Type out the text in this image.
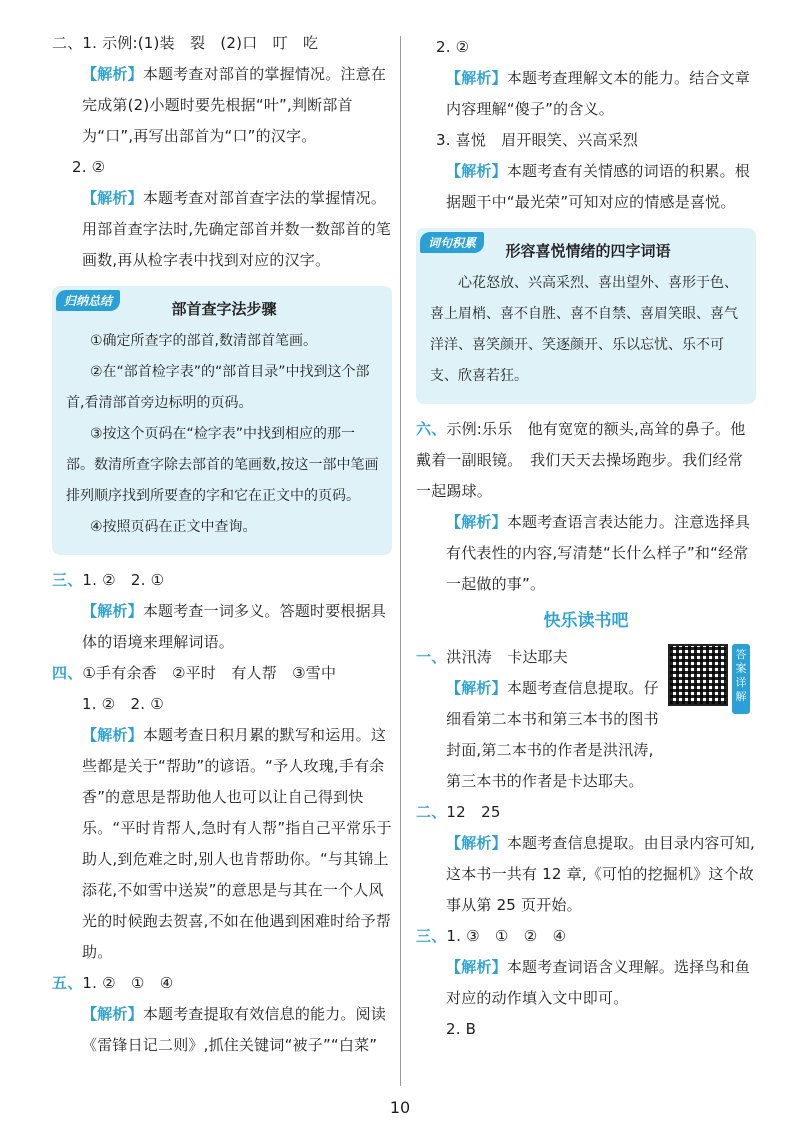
二、1. 示例:(1)装　裂　(2)口　叮　吃

【解析】本题考查对部首的掌握情况。注意在完成第(2)小题时要先根据“叶”,判断部首为“口”,再写出部首为“口”的汉字。

2. ②

【解析】本题考查对部首查字法的掌握情况。用部首查字法时,先确定部首并数一数部首的笔画数,再从检字表中找到对应的汉字。

归纳总结	部首查字法步骤

①确定所查字的部首,数清部首笔画。

②在“部首检字表”的“部首目录”中找到这个部首,看清部首旁边标明的页码。

③按这个页码在“检字表”中找到相应的那一部。数清所查字除去部首的笔画数,按这一部中笔画排列顺序找到所要查的字和它在正文中的页码。

④按照页码在正文中查询。

三、1. ②　2. ①

【解析】本题考查一词多义。答题时要根据具体的语境来理解词语。

四、①手有余香　②平时　有人帮　③雪中

1. ②　2. ①

【解析】本题考查日积月累的默写和运用。这些都是关于“帮助”的谚语。“予人玫瑰,手有余香”的意思是帮助他人也可以让自己得到快乐。“平时肯帮人,急时有人帮”指自己平常乐于助人,到危难之时,别人也肯帮助你。“与其锦上添花,不如雪中送炭”的意思是与其在一个人风光的时候跑去贺喜,不如在他遇到困难时给予帮助。

五、1. ②　①　④

【解析】本题考查提取有效信息的能力。阅读《雷锋日记二则》,抓住关键词“被子”“白菜”

2. ②

【解析】本题考查理解文本的能力。结合文章内容理解“傻子”的含义。

3. 喜悦　眉开眼笑、兴高采烈

【解析】本题考查有关情感的词语的积累。根据题干中“最光荣”可知对应的情感是喜悦。

词句积累	形容喜悦情绪的四字词语

心花怒放、兴高采烈、喜出望外、喜形于色、喜上眉梢、喜不自胜、喜不自禁、喜眉笑眼、喜气洋洋、喜笑颜开、笑逐颜开、乐以忘忧、乐不可支、欣喜若狂。

六、示例:乐乐　他有宽宽的额头,高耸的鼻子。他戴着一副眼镜。　我们天天去操场跑步。我们经常一起踢球。

【解析】本题考查语言表达能力。注意选择具有代表性的内容,写清楚“长什么样子”和“经常一起做的事”。

快乐读书吧
答案详解

一、洪汛涛　卡达耶夫

【解析】本题考查信息提取。仔细看第二本书和第三本书的图书封面,第二本书的作者是洪汛涛,第三本书的作者是卡达耶夫。

二、12　25

【解析】本题考查信息提取。由目录内容可知,这本书一共有 12 章,《可怕的挖掘机》这个故事从第 25 页开始。

三、1. ③　①　②　④

【解析】本题考查词语含义理解。选择鸟和鱼对应的动作填入文中即可。

2. B

10
